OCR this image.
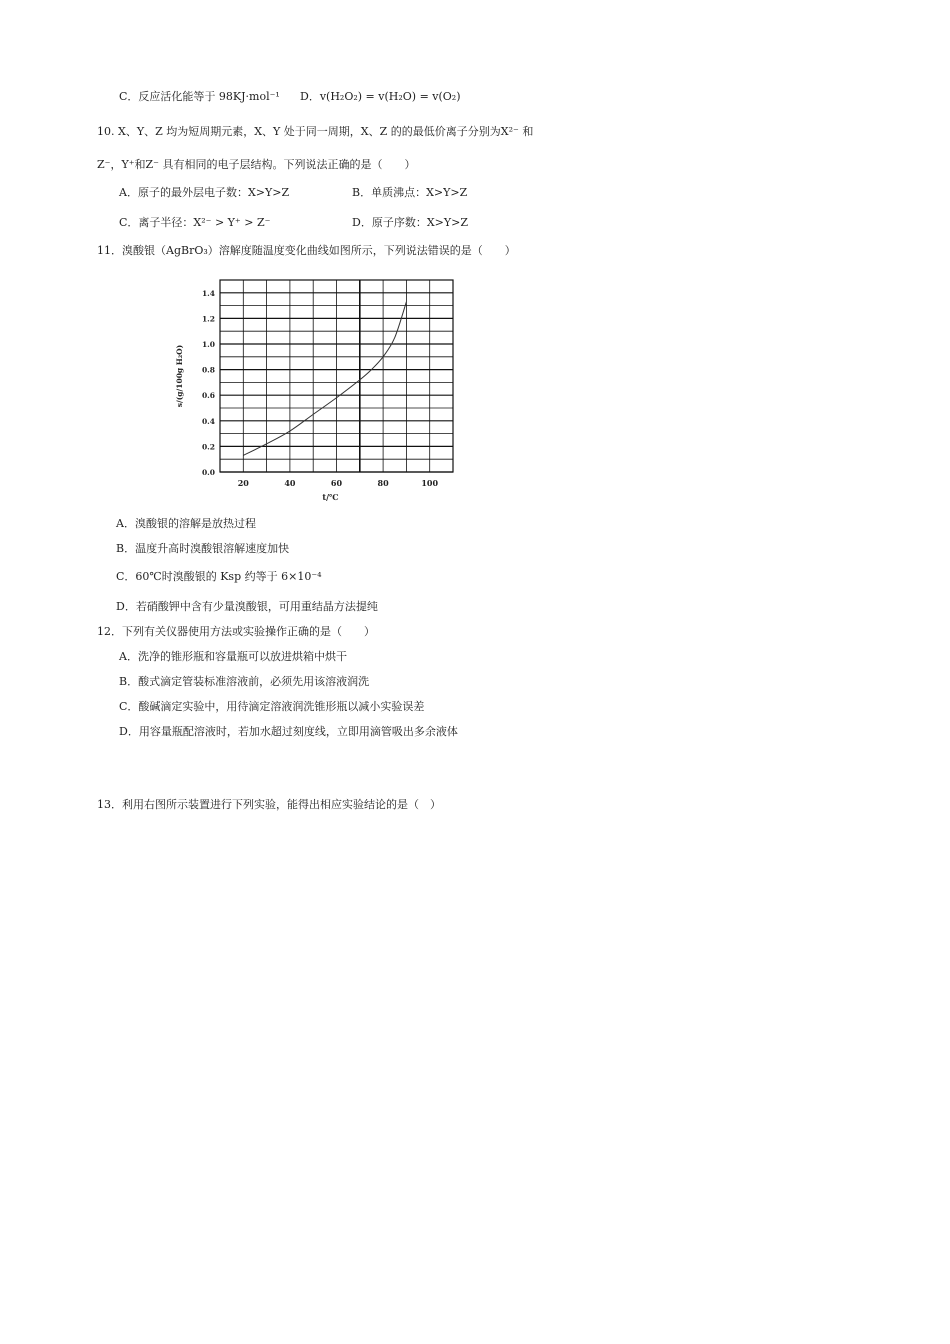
C．反应活化能等于 98KJ·mol⁻¹ D．v(H₂O₂) = v(H₂O) = v(O₂)
10. X、Y、Z 均为短周期元素，X、Y 处于同一周期，X、Z 的的最低价离子分别为X²⁻ 和
Z⁻，Y⁺和Z⁻ 具有相同的电子层结构。下列说法正确的是（　　）
A．原子的最外层电子数：X>Y>Z	B．单质沸点：X>Y>Z
C．离子半径：X²⁻ > Y⁺ > Z⁻	D．原子序数：X>Y>Z
11．溴酸银（AgBrO₃）溶解度随温度变化曲线如图所示，下列说法错误的是（　　）
20	40	60	80	100
0.0
0.2
0.4
0.6
0.8
1.0
1.2
1.4
t/℃
s/(g/100g H₂O)
A．溴酸银的溶解是放热过程
B．温度升高时溴酸银溶解速度加快
C．60℃时溴酸银的 Ksp 约等于 6×10⁻⁴
D．若硝酸钾中含有少量溴酸银，可用重结晶方法提纯
12．下列有关仪器使用方法或实验操作正确的是（　　）
A．洗净的锥形瓶和容量瓶可以放进烘箱中烘干
B．酸式滴定管装标准溶液前，必须先用该溶液润洗
C．酸碱滴定实验中，用待滴定溶液润洗锥形瓶以减小实验误差
D．用容量瓶配溶液时，若加水超过刻度线，立即用滴管吸出多余液体
13．利用右图所示装置进行下列实验，能得出相应实验结论的是（　）
